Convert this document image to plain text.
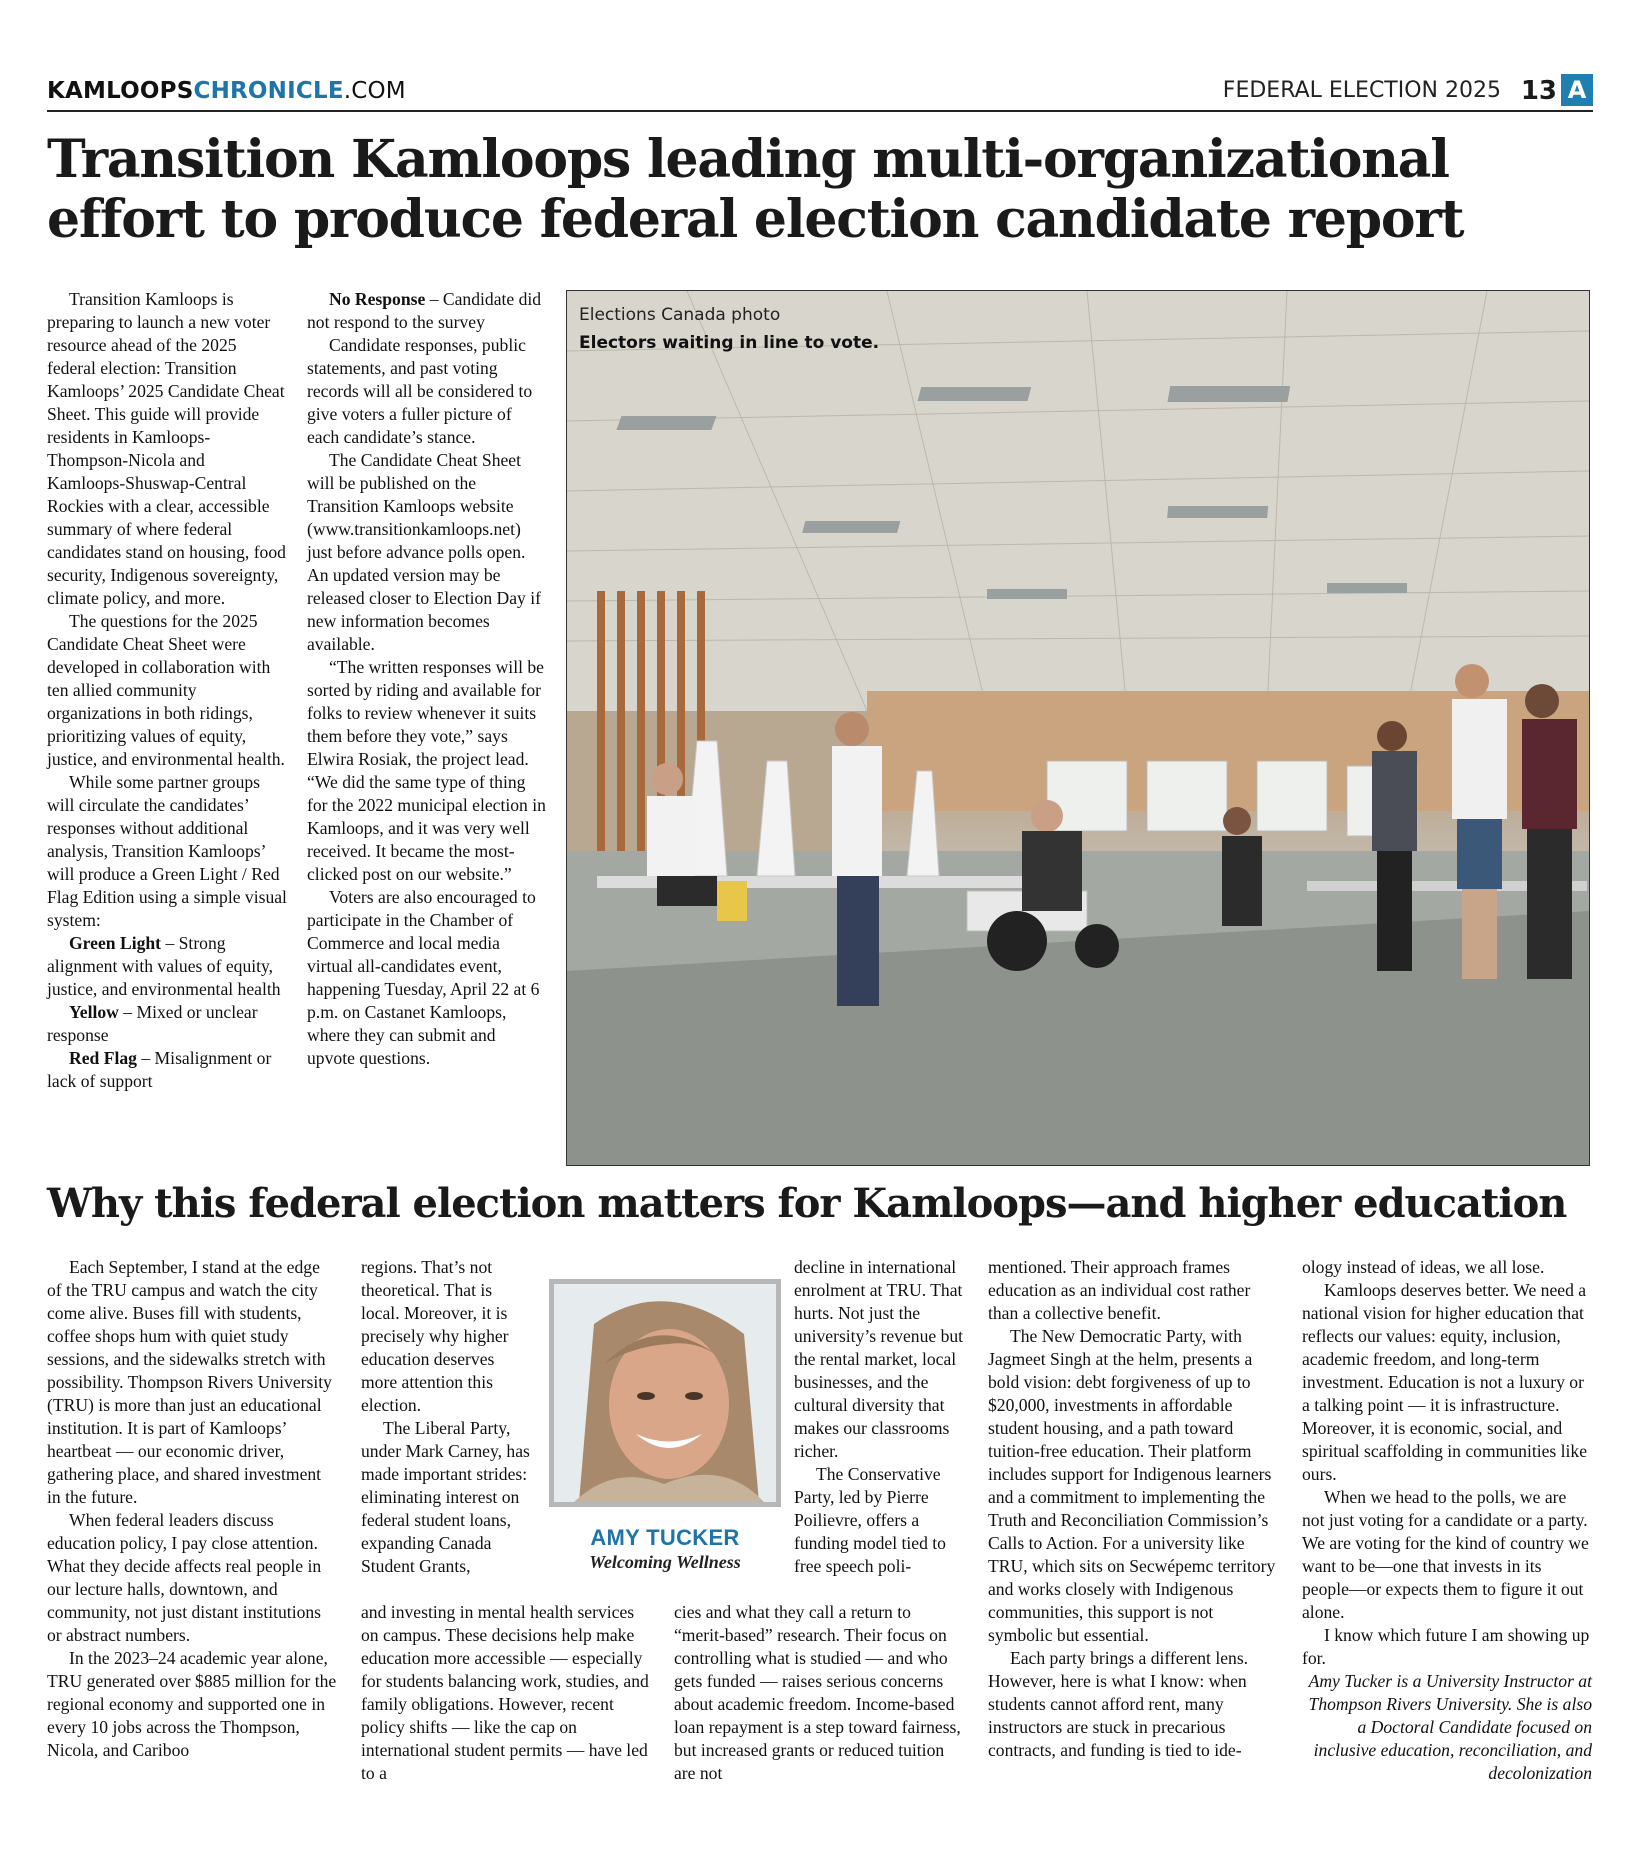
KAMLOOPSCHRONICLE.COM	FEDERAL ELECTION 2025 13 A
Transition Kamloops leading multi-organizational effort to produce federal election candidate report

Transition Kamloops is preparing to launch a new voter resource ahead of the 2025 federal election: Transition Kamloops’ 2025 Candidate Cheat Sheet. This guide will provide residents in Kamloops-Thompson-Nicola and Kamloops-Shuswap-Central Rockies with a clear, accessible summary of where federal candidates stand on housing, food security, Indigenous sovereignty, climate policy, and more.

The questions for the 2025 Candidate Cheat Sheet were developed in collaboration with ten allied community organizations in both ridings, prioritizing values of equity, justice, and environmental health.

While some partner groups will circulate the candidates’ responses without additional analysis, Transition Kamloops’ will produce a Green Light / Red Flag Edition using a simple visual system:

Green Light – Strong alignment with values of equity, justice, and environmental health

Yellow – Mixed or unclear response

Red Flag – Misalignment or lack of support

No Response – Candidate did not respond to the survey

Candidate responses, public statements, and past voting records will all be considered to give voters a fuller picture of each candidate’s stance.

The Candidate Cheat Sheet will be published on the Transition Kamloops website (www.transitionkamloops.net) just before advance polls open. An updated version may be released closer to Election Day if new information becomes available.

“The written responses will be sorted by riding and available for folks to review whenever it suits them before they vote,” says Elwira Rosiak, the project lead. “We did the same type of thing for the 2022 municipal election in Kamloops, and it was very well received. It became the most-clicked post on our website.”

Voters are also encouraged to participate in the Chamber of Commerce and local media virtual all-candidates event, happening Tuesday, April 22 at 6 p.m. on Castanet Kamloops, where they can submit and upvote questions.

Elections Canada photo
Electors waiting in line to vote.
Why this federal election matters for Kamloops—and higher education

Each September, I stand at the edge of the TRU campus and watch the city come alive. Buses fill with students, coffee shops hum with quiet study sessions, and the sidewalks stretch with possibility. Thompson Rivers University (TRU) is more than just an educational institution. It is part of Kamloops’ heartbeat — our economic driver, gathering place, and shared investment in the future.

When federal leaders discuss education policy, I pay close attention. What they decide affects real people in our lecture halls, downtown, and community, not just distant institutions or abstract numbers.

In the 2023–24 academic year alone, TRU generated over $885 million for the regional economy and supported one in every 10 jobs across the Thompson, Nicola, and Cariboo

regions. That’s not theoretical. That is local. Moreover, it is precisely why higher education deserves more attention this election.

The Liberal Party, under Mark Carney, has made important strides: eliminating interest on federal student loans, expanding Canada Student Grants,

AMY TUCKER
Welcoming Wellness

and investing in mental health services on campus. These decisions help make education more accessible — especially for students balancing work, studies, and family obligations. However, recent policy shifts — like the cap on international student permits — have led to a

decline in international enrolment at TRU. That hurts. Not just the university’s revenue but the rental market, local businesses, and the cultural diversity that makes our classrooms richer.

The Conservative Party, led by Pierre Poilievre, offers a funding model tied to free speech poli-

cies and what they call a return to “merit-based” research. Their focus on controlling what is studied — and who gets funded — raises serious concerns about academic freedom. Income-based loan repayment is a step toward fairness, but increased grants or reduced tuition are not

mentioned. Their approach frames education as an individual cost rather than a collective benefit.

The New Democratic Party, with Jagmeet Singh at the helm, presents a bold vision: debt forgiveness of up to $20,000, investments in affordable student housing, and a path toward tuition-free education. Their platform includes support for Indigenous learners and a commitment to implementing the Truth and Reconciliation Commission’s Calls to Action. For a university like TRU, which sits on Secwépemc territory and works closely with Indigenous communities, this support is not symbolic but essential.

Each party brings a different lens. However, here is what I know: when students cannot afford rent, many instructors are stuck in precarious contracts, and funding is tied to ide-

ology instead of ideas, we all lose.

Kamloops deserves better. We need a national vision for higher education that reflects our values: equity, inclusion, academic freedom, and long-term investment. Education is not a luxury or a talking point — it is infrastructure. Moreover, it is economic, social, and spiritual scaffolding in communities like ours.

When we head to the polls, we are not just voting for a candidate or a party. We are voting for the kind of country we want to be—one that invests in its people—or expects them to figure it out alone.

I know which future I am showing up for.

Amy Tucker is a University Instructor at Thompson Rivers University. She is also a Doctoral Candidate focused on inclusive education, reconciliation, and decolonization
